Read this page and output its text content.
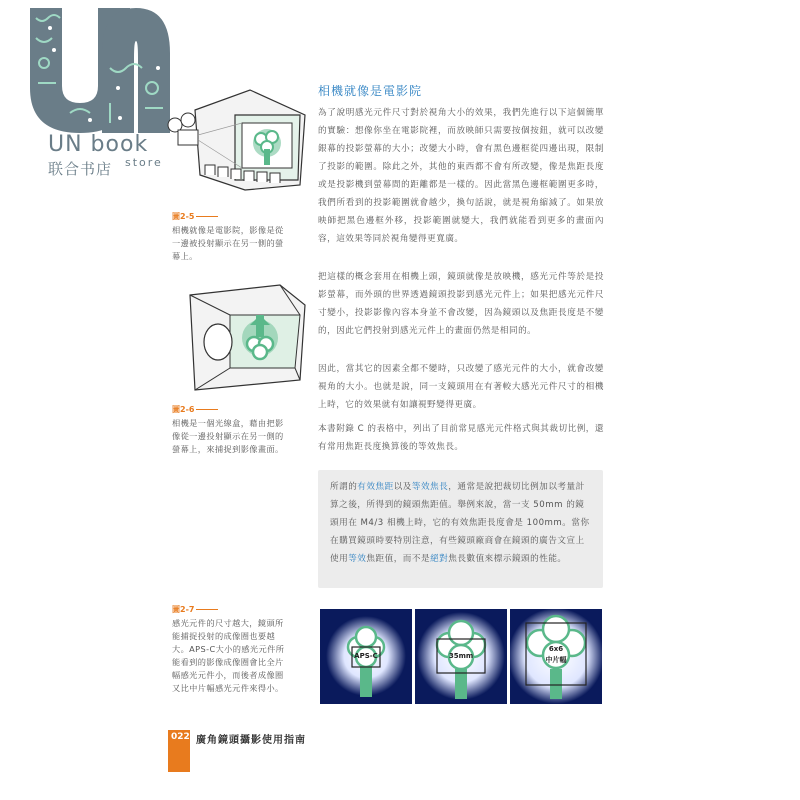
UN book
联合书店 store
圖2-5
相機就像是電影院，影像是從一邊被投射顯示在另一側的螢幕上。
圖2-6
相機是一個光線盒，藉由把影像從一邊投射顯示在另一側的螢幕上，來捕捉到影像畫面。
相機就像是電影院
為了說明感光元件尺寸對於視角大小的效果，我們先進行以下這個簡單的實驗：想像你坐在電影院裡，而放映師只需要按個按鈕，就可以改變銀幕的投影螢幕的大小；改變大小時，會有黑色邊框從四邊出現，限制了投影的範圍。除此之外，其他的東西都不會有所改變，像是焦距長度或是投影機到螢幕間的距離都是一樣的。因此當黑色邊框範圍更多時，我們所看到的投影範圍就會越少，換句話說，就是視角縮減了。如果放映師把黑色邊框外移，投影範圍就變大，我們就能看到更多的畫面內容，這效果等同於視角變得更寬廣。
把這樣的概念套用在相機上頭，鏡頭就像是放映機，感光元件等於是投影螢幕，而外頭的世界透過鏡頭投影到感光元件上；如果把感光元件尺寸變小，投影影像內容本身並不會改變，因為鏡頭以及焦距長度是不變的，因此它們投射到感光元件上的畫面仍然是相同的。
因此，當其它的因素全都不變時，只改變了感光元件的大小，就會改變視角的大小。也就是說，同一支鏡頭用在有著較大感光元件尺寸的相機上時，它的效果就有如讓視野變得更廣。
本書附錄 C 的表格中，列出了目前常見感光元件格式與其裁切比例，還有常用焦距長度換算後的等效焦長。
所謂的有效焦距以及等效焦長，通常是說把裁切比例加以考量計算之後，所得到的鏡頭焦距值。舉例來說，當一支 50mm 的鏡頭用在 M4/3 相機上時，它的有效焦距長度會是 100mm。當你在購買鏡頭時要特別注意，有些鏡頭廠商會在鏡頭的廣告文宣上使用等效焦距值，而不是絕對焦長數值來標示鏡頭的性能。
圖2-7
感光元件的尺寸越大，鏡頭所能捕捉投射的成像圈也要越大。APS-C大小的感光元件所能看到的影像成像圈會比全片幅感光元件小，而後者成像圈又比中片幅感光元件來得小。
APS-C	35mm
6x6
中片幅
022 廣角鏡頭攝影使用指南
